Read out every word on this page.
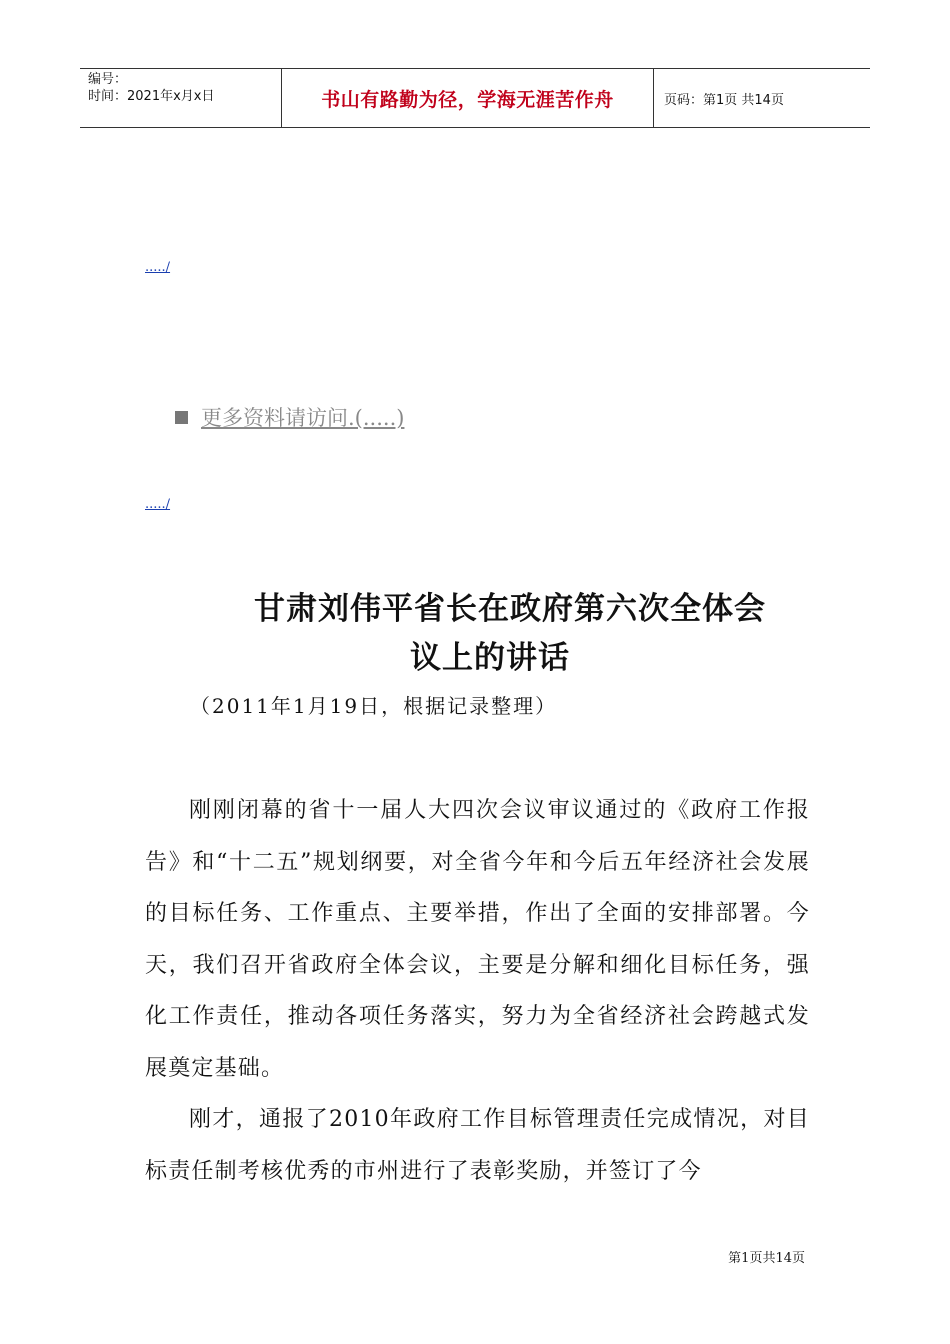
编号：
时间：2021年x月x日	书山有路勤为径，学海无涯苦作舟	页码：第1页 共14页
...../
更多资料请访问.(.....)
...../
甘肃刘伟平省长在政府第六次全体会
议上的讲话
（2011年1月19日，根据记录整理）

刚刚闭幕的省十一届人大四次会议审议通过的《政府工作报告》和“十二五”规划纲要，对全省今年和今后五年经济社会发展的目标任务、工作重点、主要举措，作出了全面的安排部署。今天，我们召开省政府全体会议，主要是分解和细化目标任务，强化工作责任，推动各项任务落实，努力为全省经济社会跨越式发展奠定基础。

刚才，通报了2010年政府工作目标管理责任完成情况，对目标责任制考核优秀的市州进行了表彰奖励，并签订了今

第1页共14页
